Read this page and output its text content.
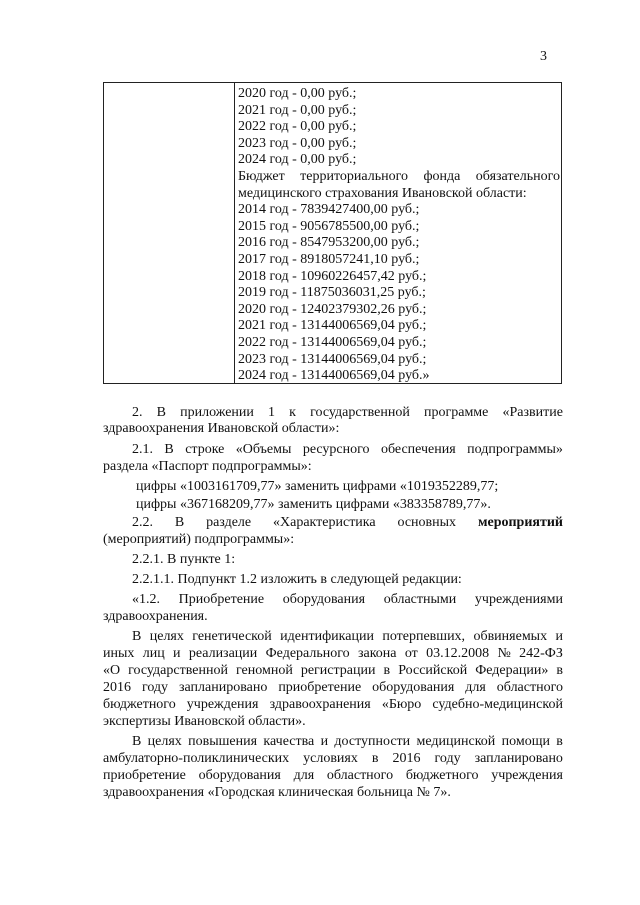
3
2020 год - 0,00 руб.;
2021 год - 0,00 руб.;
2022 год - 0,00 руб.;
2023 год - 0,00 руб.;
2024 год - 0,00 руб.;
Бюджет территориального фонда обязательного
медицинского страхования Ивановской области:
2014 год - 7839427400,00 руб.;
2015 год - 9056785500,00 руб.;
2016 год - 8547953200,00 руб.;
2017 год - 8918057241,10 руб.;
2018 год - 10960226457,42 руб.;
2019 год - 11875036031,25 руб.;
2020 год - 12402379302,26 руб.;
2021 год - 13144006569,04 руб.;
2022 год - 13144006569,04 руб.;
2023 год - 13144006569,04 руб.;
2024 год - 13144006569,04 руб.»
2. В приложении 1 к государственной программе «Развитие
здравоохранения Ивановской области»:
2.1. В строке «Объемы ресурсного обеспечения подпрограммы»
раздела «Паспорт подпрограммы»:
цифры «1003161709,77» заменить цифрами «1019352289,77;
цифры «367168209,77» заменить цифрами «383358789,77».
2.2. В разделе «Характеристика основных мероприятий
(мероприятий) подпрограммы»:
2.2.1. В пункте 1:
2.2.1.1. Подпункт 1.2 изложить в следующей редакции:
«1.2. Приобретение оборудования областными учреждениями
здравоохранения.
В целях генетической идентификации потерпевших, обвиняемых и
иных лиц и реализации Федерального закона от 03.12.2008 № 242-ФЗ
«О государственной геномной регистрации в Российской Федерации» в
2016 году запланировано приобретение оборудования для областного
бюджетного учреждения здравоохранения «Бюро судебно-медицинской
экспертизы Ивановской области».
В целях повышения качества и доступности медицинской помощи в
амбулаторно-поликлинических условиях в 2016 году запланировано
приобретение оборудования для областного бюджетного учреждения
здравоохранения «Городская клиническая больница № 7».
